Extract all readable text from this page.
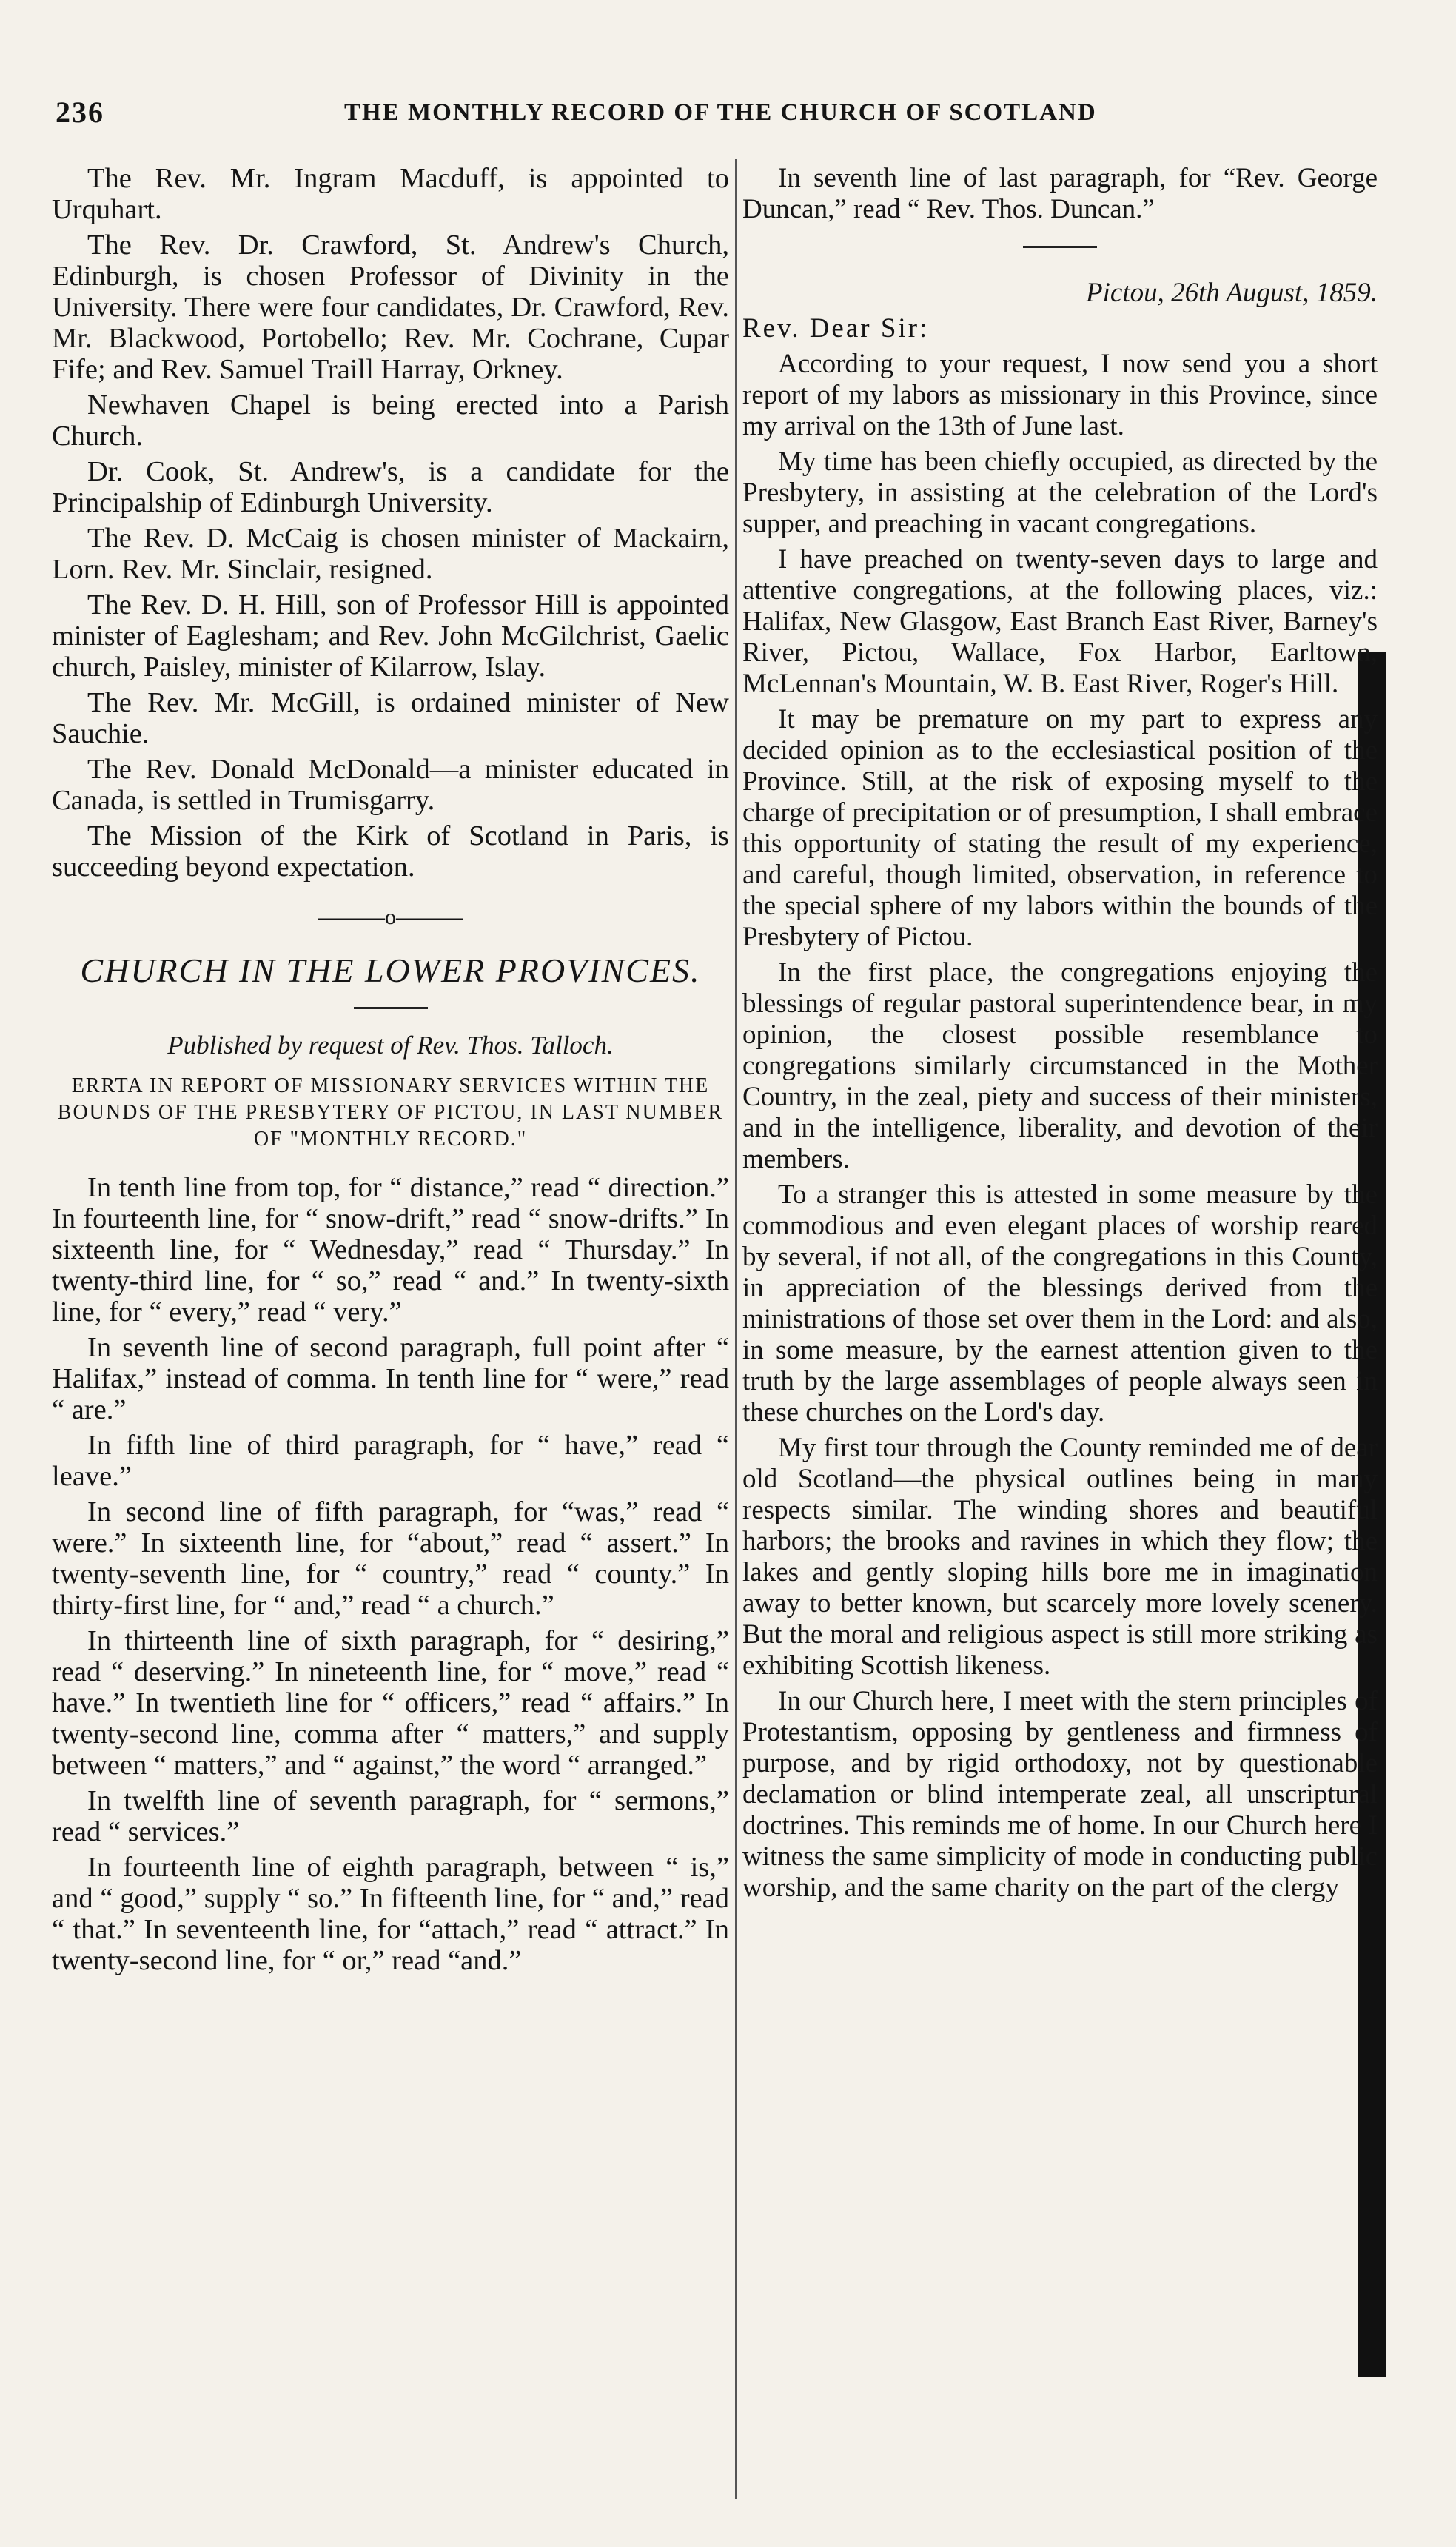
236	THE MONTHLY RECORD OF THE CHURCH OF SCOTLAND

The Rev. Mr. Ingram Macduff, is appointed to Urquhart.

The Rev. Dr. Crawford, St. Andrew's Church, Edinburgh, is chosen Professor of Divinity in the University. There were four candidates, Dr. Crawford, Rev. Mr. Blackwood, Portobello; Rev. Mr. Cochrane, Cupar Fife; and Rev. Samuel Traill Harray, Orkney.

Newhaven Chapel is being erected into a Parish Church.

Dr. Cook, St. Andrew's, is a candidate for the Principalship of Edinburgh University.

The Rev. D. McCaig is chosen minister of Mackairn, Lorn. Rev. Mr. Sinclair, resigned.

The Rev. D. H. Hill, son of Professor Hill is appointed minister of Eaglesham; and Rev. John McGilchrist, Gaelic church, Paisley, minister of Kilarrow, Islay.

The Rev. Mr. McGill, is ordained minister of New Sauchie.

The Rev. Donald McDonald—a minister educated in Canada, is settled in Trumisgarry.

The Mission of the Kirk of Scotland in Paris, is succeeding beyond expectation.

———o———
CHURCH IN THE LOWER PROVINCES.
Published by request of Rev. Thos. Talloch.
ERRTA IN REPORT OF MISSIONARY SERVICES WITHIN THE BOUNDS OF THE PRESBYTERY OF PICTOU, IN LAST NUMBER OF "MONTHLY RECORD."

In tenth line from top, for “ distance,” read “ direction.” In fourteenth line, for “ snow-drift,” read “ snow-drifts.” In sixteenth line, for “ Wednesday,” read “ Thursday.” In twenty-third line, for “ so,” read “ and.” In twenty-sixth line, for “ every,” read “ very.”

In seventh line of second paragraph, full point after “ Halifax,” instead of comma. In tenth line for “ were,” read “ are.”

In fifth line of third paragraph, for “ have,” read “ leave.”

In second line of fifth paragraph, for “was,” read “ were.” In sixteenth line, for “about,” read “ assert.” In twenty-seventh line, for “ country,” read “ county.” In thirty-first line, for “ and,” read “ a church.”

In thirteenth line of sixth paragraph, for “ desiring,” read “ deserving.” In nineteenth line, for “ move,” read “ have.” In twentieth line for “ officers,” read “ affairs.” In twenty-second line, comma after “ matters,” and supply between “ matters,” and “ against,” the word “ arranged.”

In twelfth line of seventh paragraph, for “ sermons,” read “ services.”

In fourteenth line of eighth paragraph, between “ is,” and “ good,” supply “ so.” In fifteenth line, for “ and,” read “ that.” In seventeenth line, for “attach,” read “ attract.” In twenty-second line, for “ or,” read “and.”

In seventh line of last paragraph, for “Rev. George Duncan,” read “ Rev. Thos. Duncan.”

Pictou, 26th August, 1859.

Rev. Dear Sir:

According to your request, I now send you a short report of my labors as missionary in this Province, since my arrival on the 13th of June last.

My time has been chiefly occupied, as directed by the Presbytery, in assisting at the celebration of the Lord's supper, and preaching in vacant congregations.

I have preached on twenty-seven days to large and attentive congregations, at the following places, viz.: Halifax, New Glasgow, East Branch East River, Barney's River, Pictou, Wallace, Fox Harbor, Earltown, McLennan's Mountain, W. B. East River, Roger's Hill.

It may be premature on my part to express any decided opinion as to the ecclesiastical position of the Province. Still, at the risk of exposing myself to the charge of precipitation or of presumption, I shall embrace this opportunity of stating the result of my experience, and careful, though limited, observation, in reference to the special sphere of my labors within the bounds of the Presbytery of Pictou.

In the first place, the congregations enjoying the blessings of regular pastoral superintendence bear, in my opinion, the closest possible resemblance to congregations similarly circumstanced in the Mother Country, in the zeal, piety and success of their ministers, and in the intelligence, liberality, and devotion of their members.

To a stranger this is attested in some measure by the commodious and even elegant places of worship reared by several, if not all, of the congregations in this County, in appreciation of the blessings derived from the ministrations of those set over them in the Lord: and also, in some measure, by the earnest attention given to the truth by the large assemblages of people always seen in these churches on the Lord's day.

My first tour through the County reminded me of dear old Scotland—the physical outlines being in many respects similar. The winding shores and beautiful harbors; the brooks and ravines in which they flow; the lakes and gently sloping hills bore me in imagination away to better known, but scarcely more lovely scenery. But the moral and religious aspect is still more striking as exhibiting Scottish likeness.

In our Church here, I meet with the stern principles of Protestantism, opposing by gentleness and firmness of purpose, and by rigid orthodoxy, not by questionable declamation or blind intemperate zeal, all unscriptural doctrines. This reminds me of home. In our Church here I witness the same simplicity of mode in conducting public worship, and the same charity on the part of the clergy
